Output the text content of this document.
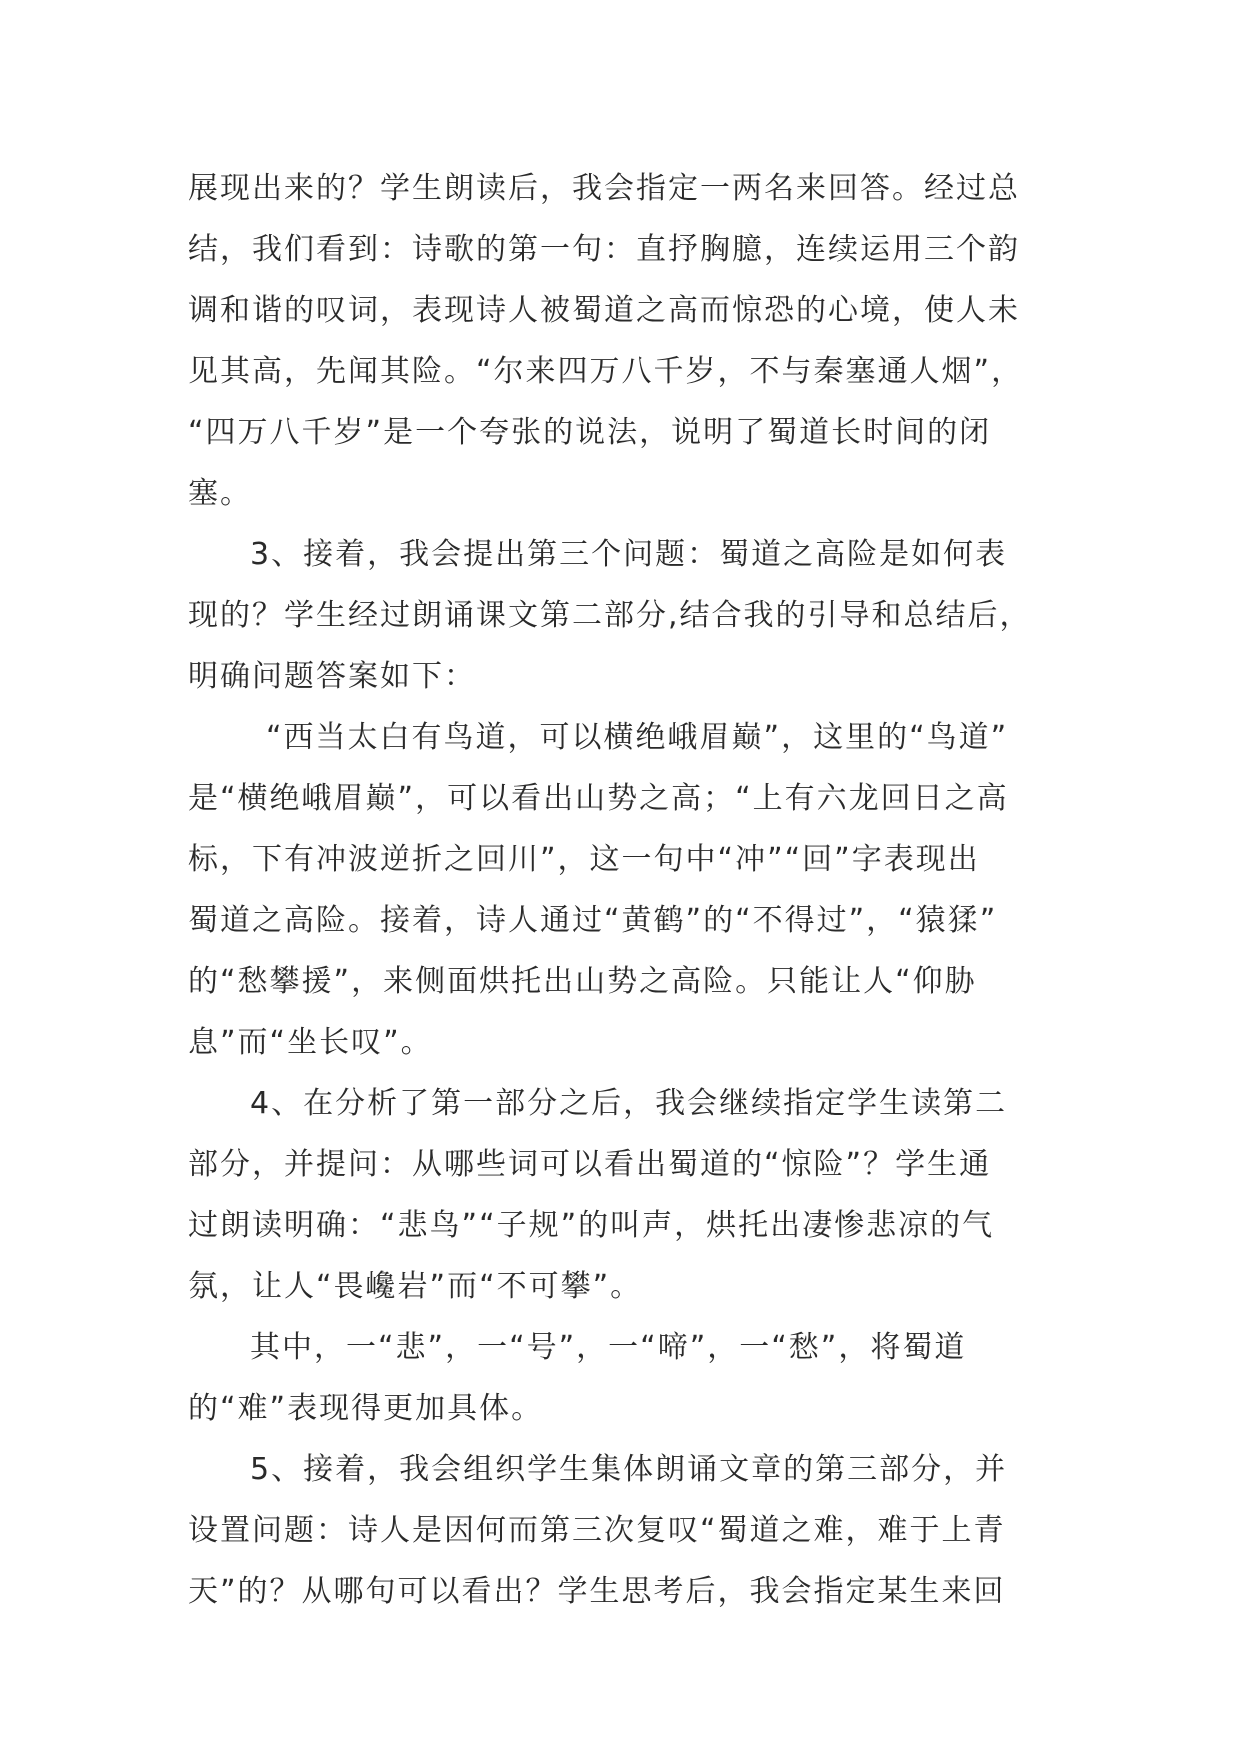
展现出来的？学生朗读后，我会指定一两名来回答。经过总
结，我们看到：诗歌的第一句：直抒胸臆，连续运用三个韵
调和谐的叹词，表现诗人被蜀道之高而惊恐的心境，使人未
见其高，先闻其险。“尔来四万八千岁，不与秦塞通人烟”，
“四万八千岁”是一个夸张的说法，说明了蜀道长时间的闭
塞。
3、接着，我会提出第三个问题：蜀道之高险是如何表
现的？学生经过朗诵课文第二部分,结合我的引导和总结后，
明确问题答案如下：
“西当太白有鸟道，可以横绝峨眉巅”，这里的“鸟道”
是“横绝峨眉巅”，可以看出山势之高；“上有六龙回日之高
标，下有冲波逆折之回川”，这一句中“冲”“回”字表现出
蜀道之高险。接着，诗人通过“黄鹤”的“不得过”，“猿猱”
的“愁攀援”，来侧面烘托出山势之高险。只能让人“仰胁
息”而“坐长叹”。
4、在分析了第一部分之后，我会继续指定学生读第二
部分，并提问：从哪些词可以看出蜀道的“惊险”？学生通
过朗读明确：“悲鸟”“子规”的叫声，烘托出凄惨悲凉的气
氛，让人“畏巉岩”而“不可攀”。
其中，一“悲”，一“号”，一“啼”，一“愁”，将蜀道
的“难”表现得更加具体。
5、接着，我会组织学生集体朗诵文章的第三部分，并
设置问题：诗人是因何而第三次复叹“蜀道之难，难于上青
天”的？从哪句可以看出？学生思考后，我会指定某生来回
